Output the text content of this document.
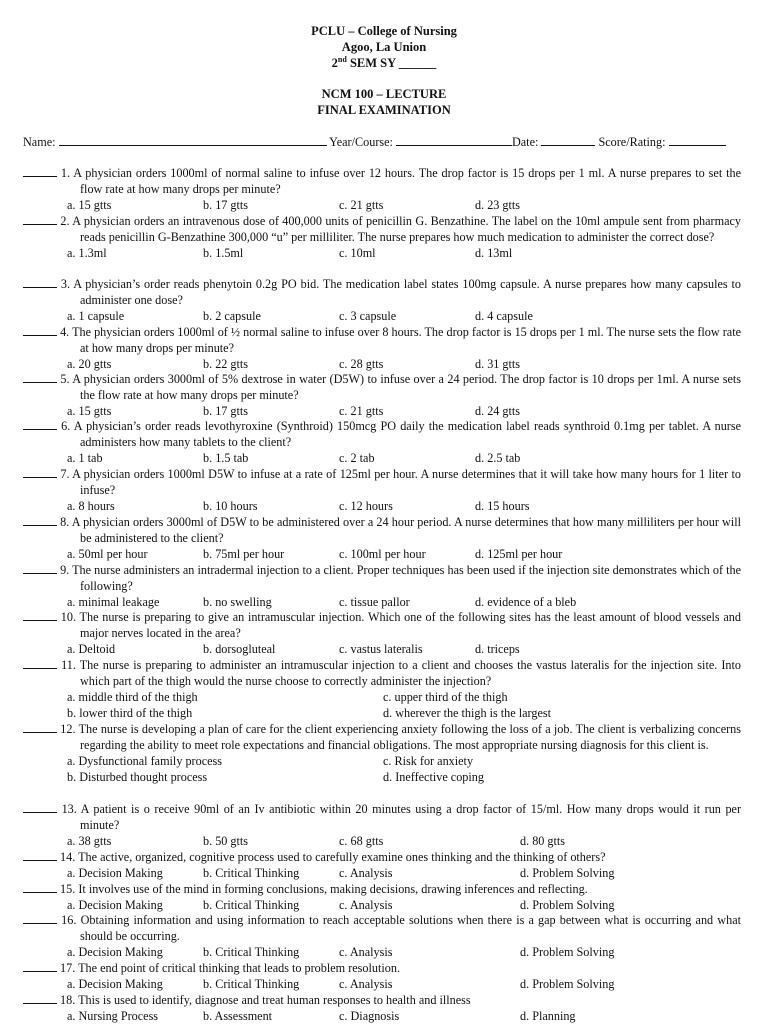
PCLU – College of Nursing
Agoo, La Union
2nd SEM SY ______
NCM 100 – LECTURE
FINAL EXAMINATION
Name:	Year/Course:	Date:	Score/Rating:
1. A physician orders 1000ml of normal saline to infuse over 12 hours. The drop factor is 15 drops per 1 ml. A nurse prepares to set the flow rate at how many drops per minute?
a. 15 gtts	b. 17 gtts	c. 21 gtts	d. 23 gtts
2. A physician orders an intravenous dose of 400,000 units of penicillin G. Benzathine. The label on the 10ml ampule sent from pharmacy reads penicillin G-Benzathine 300,000 “u” per milliliter. The nurse prepares how much medication to administer the correct dose?
a. 1.3ml	b. 1.5ml	c. 10ml	d. 13ml
3. A physician’s order reads phenytoin 0.2g PO bid. The medication label states 100mg capsule. A nurse prepares how many capsules to administer one dose?
a. 1 capsule	b. 2 capsule	c. 3 capsule	d. 4 capsule
4. The physician orders 1000ml of ½ normal saline to infuse over 8 hours. The drop factor is 15 drops per 1 ml. The nurse sets the flow rate at how many drops per minute?
a. 20 gtts	b. 22 gtts	c. 28 gtts	d. 31 gtts
5. A physician orders 3000ml of 5% dextrose in water (D5W) to infuse over a 24 period. The drop factor is 10 drops per 1ml. A nurse sets the flow rate at how many drops per minute?
a. 15 gtts	b. 17 gtts	c. 21 gtts	d. 24 gtts
6. A physician’s order reads levothyroxine (Synthroid) 150mcg PO daily the medication label reads synthroid 0.1mg per tablet. A nurse administers how many tablets to the client?
a. 1 tab	b. 1.5 tab	c. 2 tab	d. 2.5 tab
7. A physician orders 1000ml D5W to infuse at a rate of 125ml per hour. A nurse determines that it will take how many hours for 1 liter to infuse?
a. 8 hours	b. 10 hours	c. 12 hours	d. 15 hours
8. A physician orders 3000ml of D5W to be administered over a 24 hour period. A nurse determines that how many milliliters per hour will be administered to the client?
a. 50ml per hour	b. 75ml per hour	c. 100ml per hour	d. 125ml per hour
9. The nurse administers an intradermal injection to a client. Proper techniques has been used if the injection site demonstrates which of the following?
a. minimal leakage	b. no swelling	c. tissue pallor	d. evidence of a bleb
10. The nurse is preparing to give an intramuscular injection. Which one of the following sites has the least amount of blood vessels and major nerves located in the area?
a. Deltoid	b. dorsogluteal	c. vastus lateralis	d. triceps
11. The nurse is preparing to administer an intramuscular injection to a client and chooses the vastus lateralis for the injection site. Into which part of the thigh would the nurse choose to correctly administer the injection?
a. middle third of the thigh	c. upper third of the thigh
b. lower third of the thigh	d. wherever the thigh is the largest
12. The nurse is developing a plan of care for the client experiencing anxiety following the loss of a job. The client is verbalizing concerns regarding the ability to meet role expectations and financial obligations. The most appropriate nursing diagnosis for this client is.
a. Dysfunctional family process	c. Risk for anxiety
b. Disturbed thought process	d. Ineffective coping
13. A patient is o receive 90ml of an Iv antibiotic within 20 minutes using a drop factor of 15/ml. How many drops would it run per minute?
a. 38 gtts	b. 50 gtts	c. 68 gtts	d. 80 gtts
14. The active, organized, cognitive process used to carefully examine ones thinking and the thinking of others?
a. Decision Making	b. Critical Thinking	c. Analysis	d. Problem Solving
15. It involves use of the mind in forming conclusions, making decisions, drawing inferences and reflecting.
a. Decision Making	b. Critical Thinking	c. Analysis	d. Problem Solving
16. Obtaining information and using information to reach acceptable solutions when there is a gap between what is occurring and what should be occurring.
a. Decision Making	b. Critical Thinking	c. Analysis	d. Problem Solving
17. The end point of critical thinking that leads to problem resolution.
a. Decision Making	b. Critical Thinking	c. Analysis	d. Problem Solving
18. This is used to identify, diagnose and treat human responses to health and illness
a. Nursing Process	b. Assessment	c. Diagnosis	d. Planning
